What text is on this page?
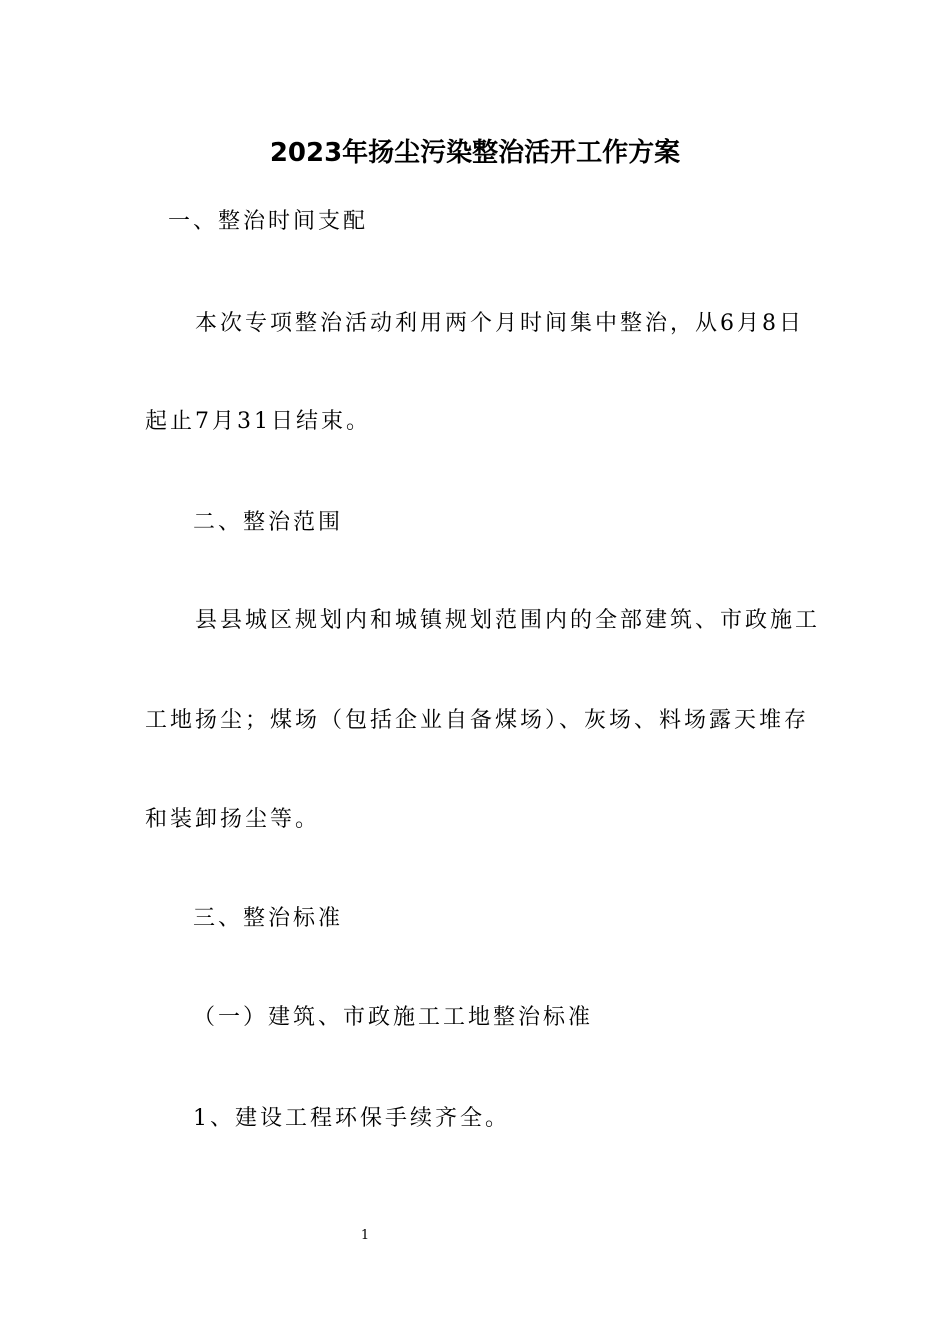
2023年扬尘污染整治活开工作方案
一、整治时间支配
本次专项整治活动利用两个月时间集中整治，从6月8日
起止7月31日结束。
二、整治范围
县县城区规划内和城镇规划范围内的全部建筑、市政施工
工地扬尘；煤场（包括企业自备煤场）、灰场、料场露天堆存
和装卸扬尘等。
三、整治标准
（一）建筑、市政施工工地整治标准
1、建设工程环保手续齐全。
1
